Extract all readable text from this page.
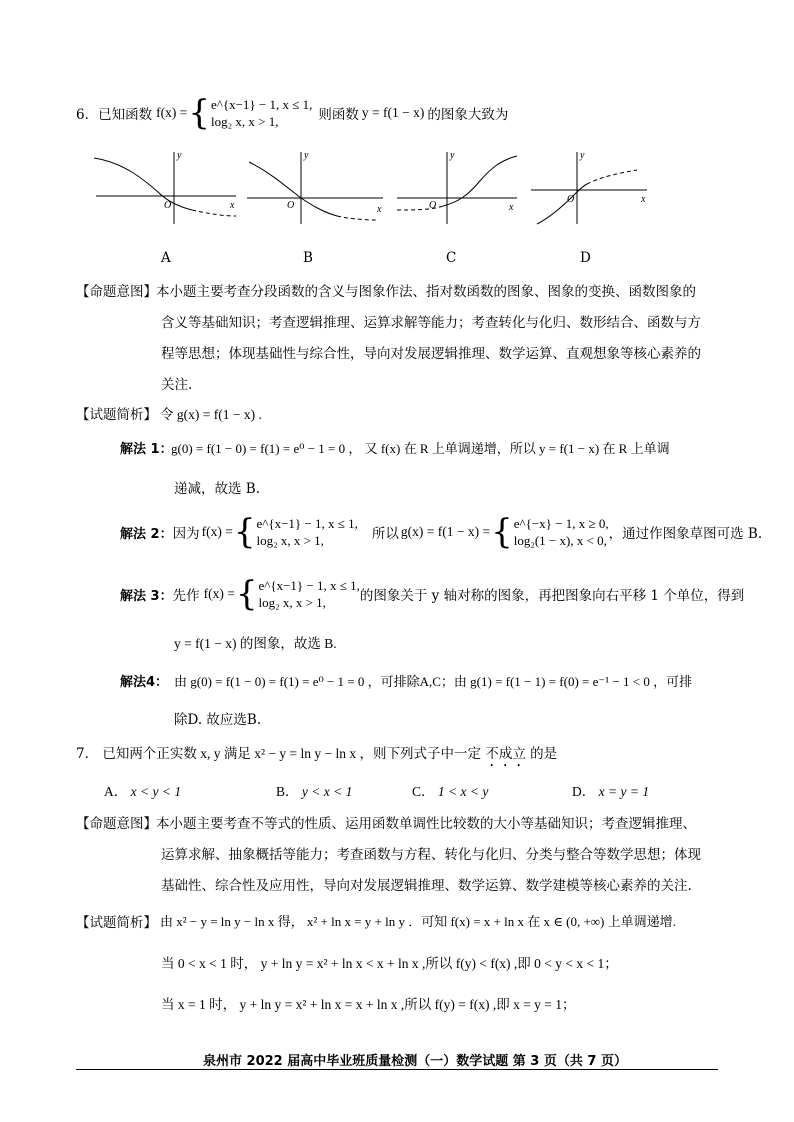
6． 已知函数 f(x) = { e^{x−1} − 1, x ≤ 1,
log₂ x, x > 1,	则函数 y = f(1 − x) 的图象大致为
y
x
O
y
x
O
y
x
O
y
x
O
A	B	C	D
【命题意图】 本小题主要考查分段函数的含义与图象作法、指对数函数的图象、图象的变换、函数图象的
含义等基础知识；考查逻辑推理、运算求解等能力；考查转化与化归、数形结合、函数与方
程等思想；体现基础性与综合性，导向对发展逻辑推理、数学运算、直观想象等核心素养的
关注.
【试题简析】 令 g(x) = f(1 − x) .
解法 1：
g(0) = f(1 − 0) = f(1) = e⁰ − 1 = 0 ， 又 f(x) 在 R 上单调递增，所以 y = f(1 − x) 在 R 上单调
递减，故选 B.
解法 2： 因为 f(x) = { e^{x−1} − 1, x ≤ 1,
log₂ x, x > 1,	所以 g(x) = f(1 − x) = { e^{−x} − 1, x ≥ 0,
log₂(1 − x), x < 0, ，通过作图象草图可选 B.
解法 3： 先作 f(x) = { e^{x−1} − 1, x ≤ 1,
log₂ x, x > 1,	的图象关于 y 轴对称的图象，再把图象向右平移 1 个单位，得到
y = f(1 − x) 的图象，故选 B.
解法4： 由 g(0) = f(1 − 0) = f(1) = e⁰ − 1 = 0 ，可排除A,C；由 g(1) = f(1 − 1) = f(0) = e⁻¹ − 1 < 0 ，可排
除D. 故应选B.
7． 已知两个正实数 x, y 满足 x² − y = ln y − ln x ，则下列式子中一定 不成立 的是
A． x < y < 1	B． y < x < 1	C． 1 < x < y	D． x = y = 1
【命题意图】 本小题主要考查不等式的性质、运用函数单调性比较数的大小等基础知识；考查逻辑推理、
运算求解、抽象概括等能力；考查函数与方程、转化与化归、分类与整合等数学思想；体现
基础性、综合性及应用性，导向对发展逻辑推理、数学运算、数学建模等核心素养的关注.
【试题简析】 由 x² − y = ln y − ln x 得， x² + ln x = y + ln y ．可知 f(x) = x + ln x 在 x ∈ (0, +∞) 上单调递增.
当 0 < x < 1 时， y + ln y = x² + ln x < x + ln x ,所以 f(y) < f(x) ,即 0 < y < x < 1；
当 x = 1 时， y + ln y = x² + ln x = x + ln x ,所以 f(y) = f(x) ,即 x = y = 1；
泉州市 2022 届高中毕业班质量检测（一）数学试题 第 3 页（共 7 页）
